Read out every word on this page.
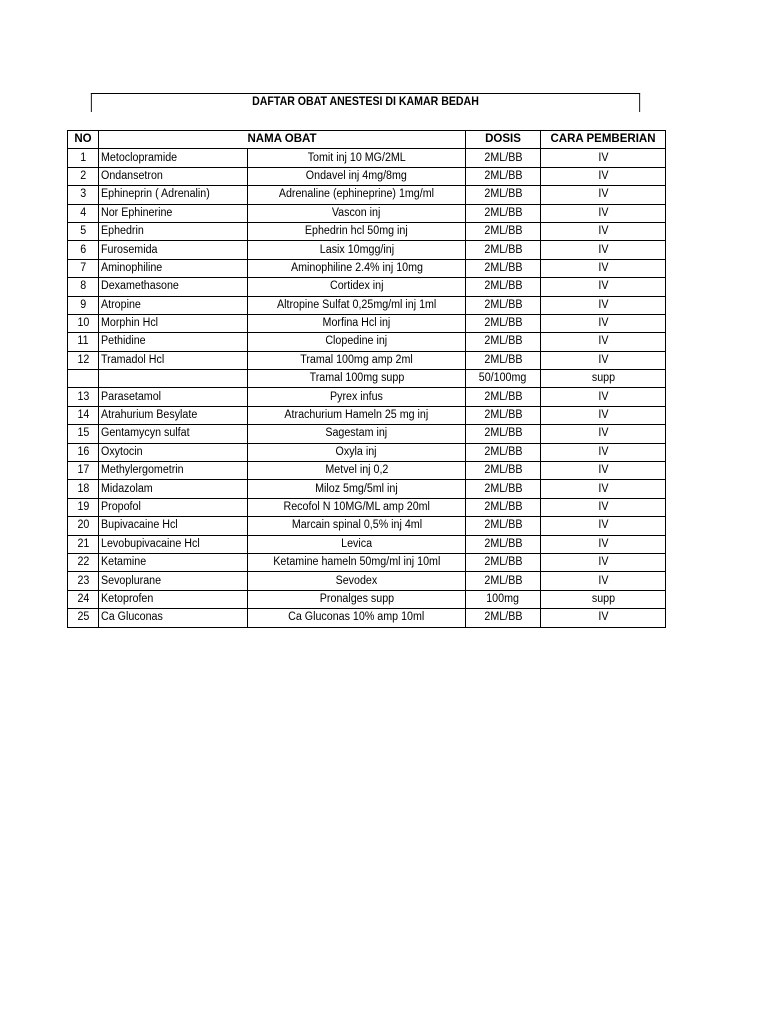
DAFTAR OBAT ANESTESI DI KAMAR BEDAH
NO	NAMA OBAT		DOSIS	CARA PEMBERIAN
1	Metoclopramide	Tomit inj 10 MG/2ML	2ML/BB	IV
2	Ondansetron	Ondavel inj 4mg/8mg	2ML/BB	IV
3	Ephineprin ( Adrenalin)	Adrenaline (ephineprine) 1mg/ml	2ML/BB	IV
4	Nor Ephinerine	Vascon inj	2ML/BB	IV
5	Ephedrin	Ephedrin hcl 50mg inj	2ML/BB	IV
6	Furosemida	Lasix 10mgg/inj	2ML/BB	IV
7	Aminophiline	Aminophiline 2.4% inj 10mg	2ML/BB	IV
8	Dexamethasone	Cortidex inj	2ML/BB	IV
9	Atropine	Altropine Sulfat 0,25mg/ml inj 1ml	2ML/BB	IV
10	Morphin Hcl	Morfina Hcl inj	2ML/BB	IV
11	Pethidine	Clopedine inj	2ML/BB	IV
12	Tramadol Hcl	Tramal 100mg amp 2ml	2ML/BB	IV
		Tramal 100mg supp	50/100mg	supp
13	Parasetamol	Pyrex infus	2ML/BB	IV
14	Atrahurium Besylate	Atrachurium Hameln 25 mg inj	2ML/BB	IV
15	Gentamycyn sulfat	Sagestam inj	2ML/BB	IV
16	Oxytocin	Oxyla inj	2ML/BB	IV
17	Methylergometrin	Metvel inj 0,2	2ML/BB	IV
18	Midazolam	Miloz 5mg/5ml inj	2ML/BB	IV
19	Propofol	Recofol N 10MG/ML amp 20ml	2ML/BB	IV
20	Bupivacaine Hcl	Marcain spinal 0,5% inj 4ml	2ML/BB	IV
21	Levobupivacaine Hcl	Levica	2ML/BB	IV
22	Ketamine	Ketamine hameln 50mg/ml inj 10ml	2ML/BB	IV
23	Sevoplurane	Sevodex	2ML/BB	IV
24	Ketoprofen	Pronalges supp	100mg	supp
25	Ca Gluconas	Ca Gluconas 10% amp 10ml	2ML/BB	IV
